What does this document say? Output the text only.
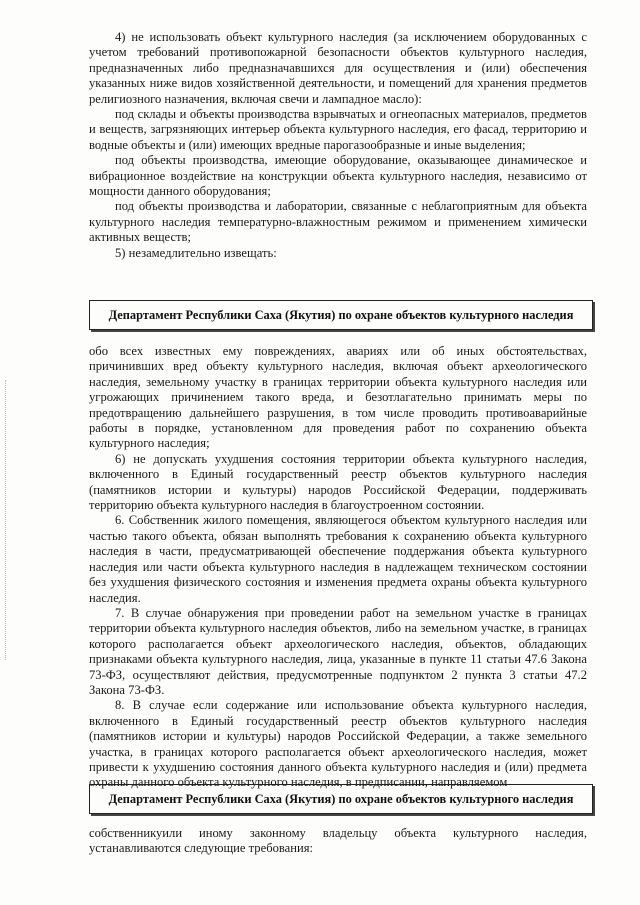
4) не использовать объект культурного наследия (за исключением оборудованных с учетом требований противопожарной безопасности объектов культурного наследия, предназначенных либо предназначавшихся для осуществления и (или) обеспечения указанных ниже видов хозяйственной деятельности, и помещений для хранения предметов религиозного назначения, включая свечи и лампадное масло):

под склады и объекты производства взрывчатых и огнеопасных материалов, предметов и веществ, загрязняющих интерьер объекта культурного наследия, его фасад, территорию и водные объекты и (или) имеющих вредные парогазообразные и иные выделения;

под объекты производства, имеющие оборудование, оказывающее динамическое и вибрационное воздействие на конструкции объекта культурного наследия, независимо от мощности данного оборудования;

под объекты производства и лаборатории, связанные с неблагоприятным для объекта культурного наследия температурно-влажностным режимом и применением химически активных веществ;

5) незамедлительно извещать:

Департамент Республики Саха (Якутия) по охране объектов культурного наследия

обо всех известных ему повреждениях, авариях или об иных обстоятельствах, причинивших вред объекту культурного наследия, включая объект археологического наследия, земельному участку в границах территории объекта культурного наследия или угрожающих причинением такого вреда, и безотлагательно принимать меры по предотвращению дальнейшего разрушения, в том числе проводить противоаварийные работы в порядке, установленном для проведения работ по сохранению объекта культурного наследия;

6) не допускать ухудшения состояния территории объекта культурного наследия, включенного в Единый государственный реестр объектов культурного наследия (памятников истории и культуры) народов Российской Федерации, поддерживать территорию объекта культурного наследия в благоустроенном состоянии.

6. Собственник жилого помещения, являющегося объектом культурного наследия или частью такого объекта, обязан выполнять требования к сохранению объекта культурного наследия в части, предусматривающей обеспечение поддержания объекта культурного наследия или части объекта культурного наследия в надлежащем техническом состоянии без ухудшения физического состояния и изменения предмета охраны объекта культурного наследия.

7. В случае обнаружения при проведении работ на земельном участке в границах территории объекта культурного наследия объектов, либо на земельном участке, в границах которого располагается объект археологического наследия, объектов, обладающих признаками объекта культурного наследия, лица, указанные в пункте 11 статьи 47.6 Закона 73-ФЗ, осуществляют действия, предусмотренные подпунктом 2 пункта 3 статьи 47.2 Закона 73-ФЗ.

8. В случае если содержание или использование объекта культурного наследия, включенного в Единый государственный реестр объектов культурного наследия (памятников истории и культуры) народов Российской Федерации, а также земельного участка, в границах которого располагается объект археологического наследия, может привести к ухудшению состояния данного объекта культурного наследия и (или) предмета охраны данного объекта культурного наследия, в предписании, направляемом

Департамент Республики Саха (Якутия) по охране объектов культурного наследия

собственникуили иному законному владельцу объекта культурного наследия, устанавливаются следующие требования:
